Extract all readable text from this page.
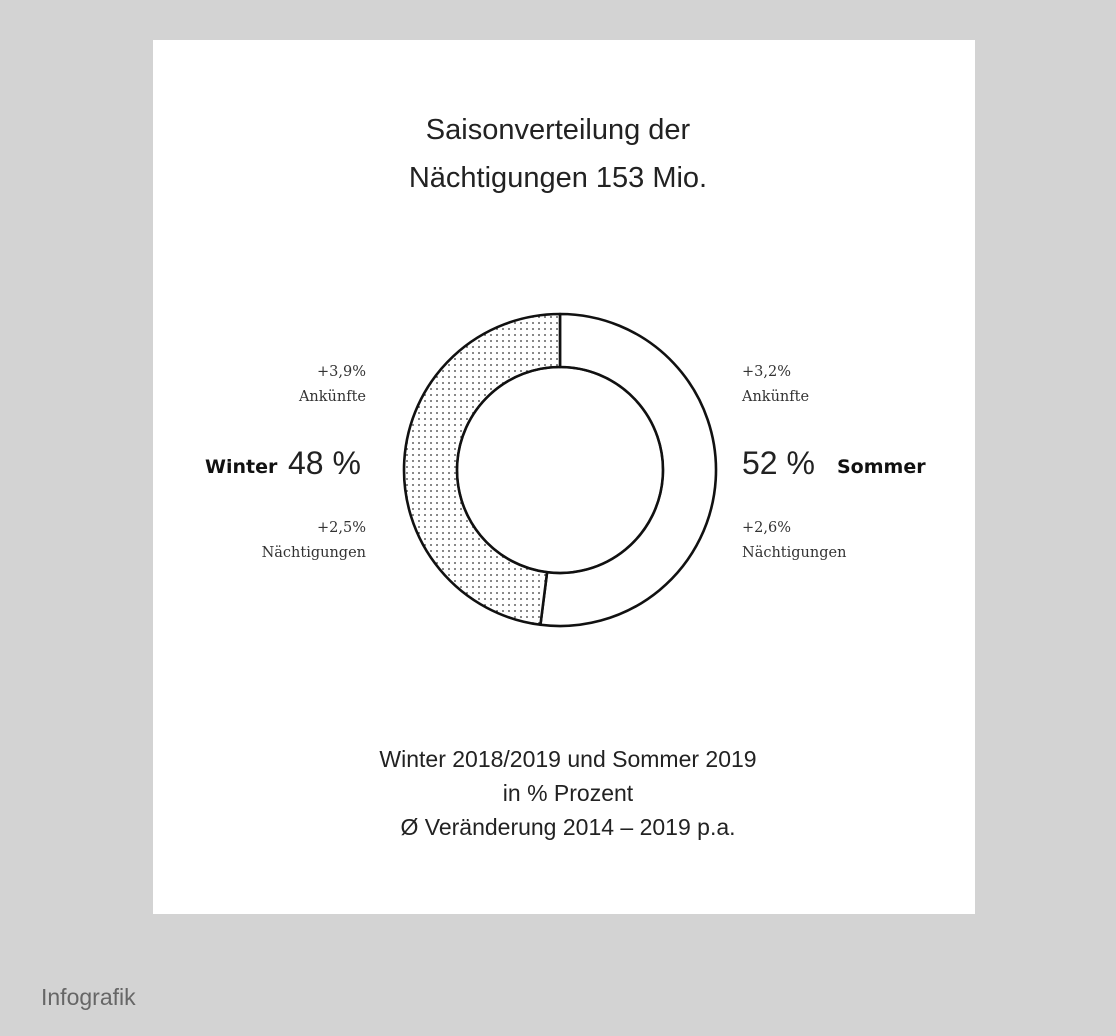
Saisonverteilung der
Nächtigungen 153 Mio.
+3,9%
Ankünfte
Winter 48 %
+2,5%
Nächtigungen
+3,2%
Ankünfte
52 % Sommer
+2,6%
Nächtigungen
Winter 2018/2019 und Sommer 2019
in % Prozent
Ø Veränderung 2014 – 2019 p.a.
Infografik
